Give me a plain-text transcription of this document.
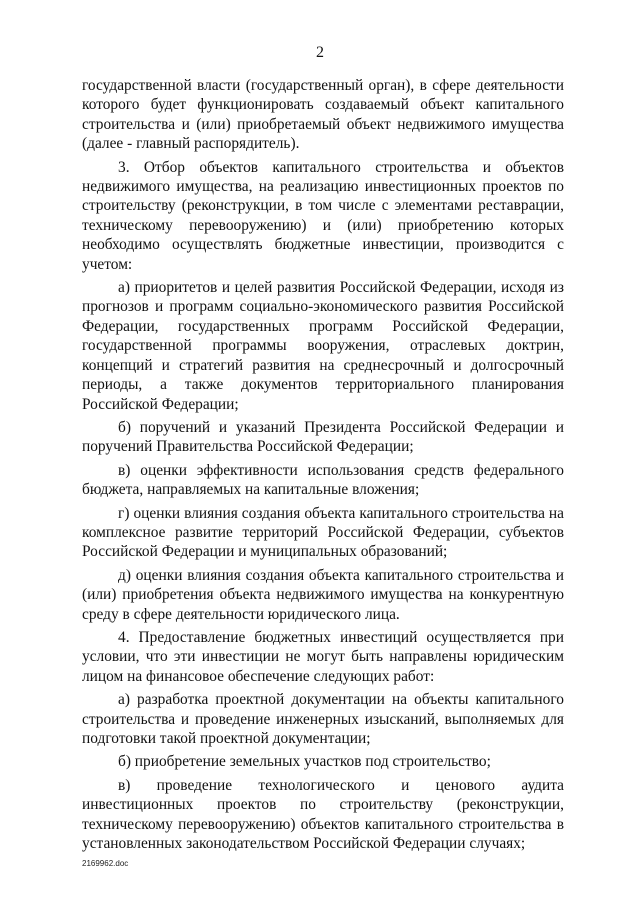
2

государственной власти (государственный орган), в сфере деятельности которого будет функционировать создаваемый объект капитального строительства и (или) приобретаемый объект недвижимого имущества (далее - главный распорядитель).

3. Отбор объектов капитального строительства и объектов недвижимого имущества, на реализацию инвестиционных проектов по строительству (реконструкции, в том числе с элементами реставрации, техническому перевооружению) и (или) приобретению которых необходимо осуществлять бюджетные инвестиции, производится с учетом:

а) приоритетов и целей развития Российской Федерации, исходя из прогнозов и программ социально-экономического развития Российской Федерации, государственных программ Российской Федерации, государственной программы вооружения, отраслевых доктрин, концепций и стратегий развития на среднесрочный и долгосрочный периоды, а также документов территориального планирования Российской Федерации;

б) поручений и указаний Президента Российской Федерации и поручений Правительства Российской Федерации;

в) оценки эффективности использования средств федерального бюджета, направляемых на капитальные вложения;

г) оценки влияния создания объекта капитального строительства на комплексное развитие территорий Российской Федерации, субъектов Российской Федерации и муниципальных образований;

д) оценки влияния создания объекта капитального строительства и (или) приобретения объекта недвижимого имущества на конкурентную среду в сфере деятельности юридического лица.

4. Предоставление бюджетных инвестиций осуществляется при условии, что эти инвестиции не могут быть направлены юридическим лицом на финансовое обеспечение следующих работ:

а) разработка проектной документации на объекты капитального строительства и проведение инженерных изысканий, выполняемых для подготовки такой проектной документации;

б) приобретение земельных участков под строительство;

в) проведение технологического и ценового аудита инвестиционных проектов по строительству (реконструкции, техническому перевооружению) объектов капитального строительства в установленных законодательством Российской Федерации случаях;

2169962.doc
